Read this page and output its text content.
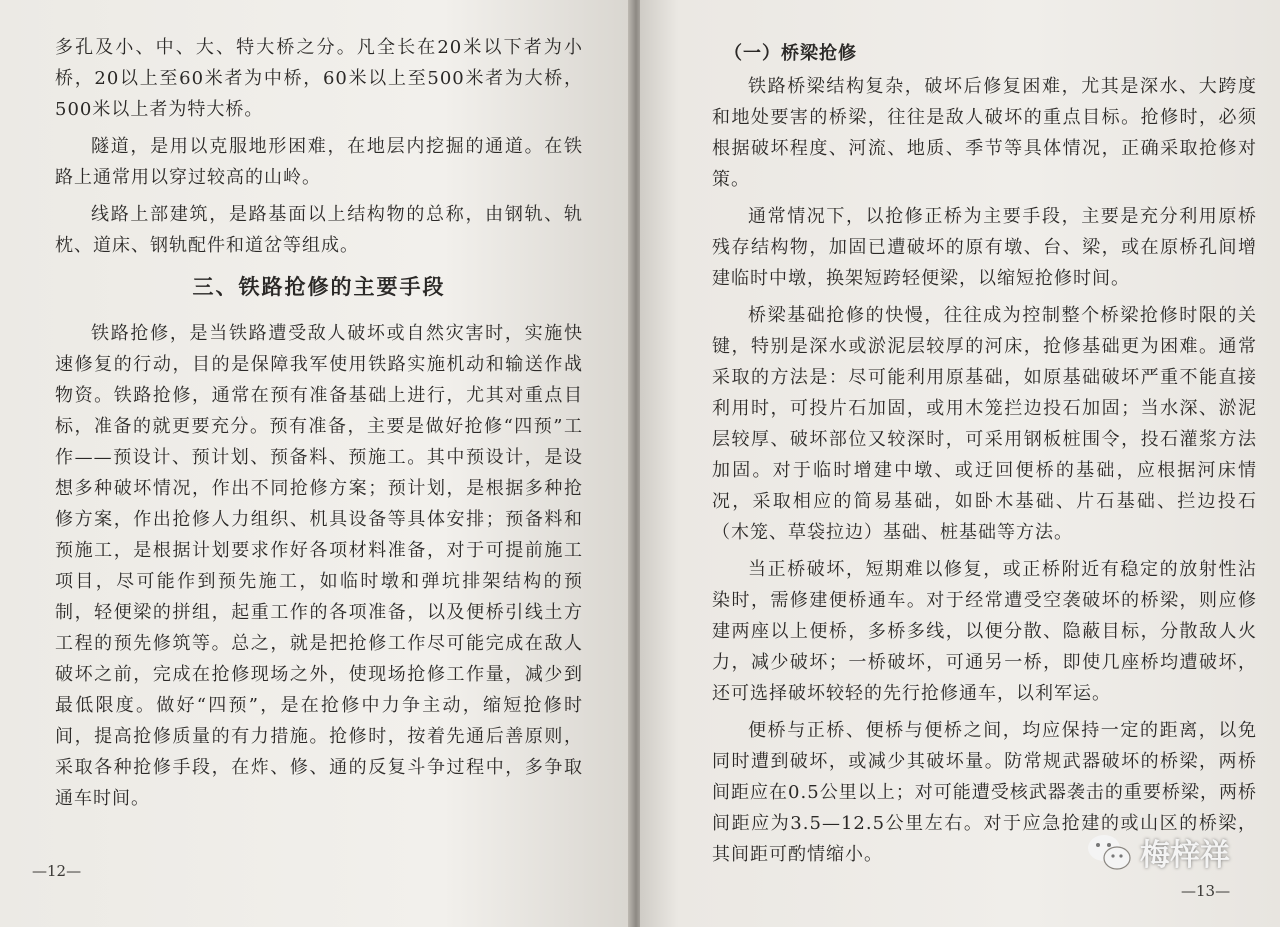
多孔及小、中、大、特大桥之分。凡全长在20米以下者为小桥，20以上至60米者为中桥，60米以上至500米者为大桥，500米以上者为特大桥。

隧道，是用以克服地形困难，在地层内挖掘的通道。在铁路上通常用以穿过较高的山岭。

线路上部建筑，是路基面以上结构物的总称，由钢轨、轨枕、道床、钢轨配件和道岔等组成。

三、铁路抢修的主要手段

铁路抢修，是当铁路遭受敌人破坏或自然灾害时，实施快速修复的行动，目的是保障我军使用铁路实施机动和输送作战物资。铁路抢修，通常在预有准备基础上进行，尤其对重点目标，准备的就更要充分。预有准备，主要是做好抢修“四预”工作——预设计、预计划、预备料、预施工。其中预设计，是设想多种破坏情况，作出不同抢修方案；预计划，是根据多种抢修方案，作出抢修人力组织、机具设备等具体安排；预备料和预施工，是根据计划要求作好各项材料准备，对于可提前施工项目，尽可能作到预先施工，如临时墩和弹坑排架结构的预制，轻便梁的拼组，起重工作的各项准备，以及便桥引线土方工程的预先修筑等。总之，就是把抢修工作尽可能完成在敌人破坏之前，完成在抢修现场之外，使现场抢修工作量，减少到最低限度。做好“四预”，是在抢修中力争主动，缩短抢修时间，提高抢修质量的有力措施。抢修时，按着先通后善原则，采取各种抢修手段，在炸、修、通的反复斗争过程中，多争取通车时间。

—12—
（一）桥梁抢修

铁路桥梁结构复杂，破坏后修复困难，尤其是深水、大跨度和地处要害的桥梁，往往是敌人破坏的重点目标。抢修时，必须根据破坏程度、河流、地质、季节等具体情况，正确采取抢修对策。

通常情况下，以抢修正桥为主要手段，主要是充分利用原桥残存结构物，加固已遭破坏的原有墩、台、梁，或在原桥孔间增建临时中墩，换架短跨轻便梁，以缩短抢修时间。

桥梁基础抢修的快慢，往往成为控制整个桥梁抢修时限的关键，特别是深水或淤泥层较厚的河床，抢修基础更为困难。通常采取的方法是：尽可能利用原基础，如原基础破坏严重不能直接利用时，可投片石加固，或用木笼拦边投石加固；当水深、淤泥层较厚、破坏部位又较深时，可采用钢板桩围令，投石灌浆方法加固。对于临时增建中墩、或迂回便桥的基础，应根据河床情况，采取相应的简易基础，如卧木基础、片石基础、拦边投石（木笼、草袋拉边）基础、桩基础等方法。

当正桥破坏，短期难以修复，或正桥附近有稳定的放射性沾染时，需修建便桥通车。对于经常遭受空袭破坏的桥梁，则应修建两座以上便桥，多桥多线，以便分散、隐蔽目标，分散敌人火力，减少破坏；一桥破坏，可通另一桥，即使几座桥均遭破坏，还可选择破坏较轻的先行抢修通车，以利军运。

便桥与正桥、便桥与便桥之间，均应保持一定的距离，以免同时遭到破坏，或减少其破坏量。防常规武器破坏的桥梁，两桥间距应在0.5公里以上；对可能遭受核武器袭击的重要桥梁，两桥间距应为3.5—12.5公里左右。对于应急抢建的或山区的桥梁，其间距可酌情缩小。

—13—
梅梓祥
